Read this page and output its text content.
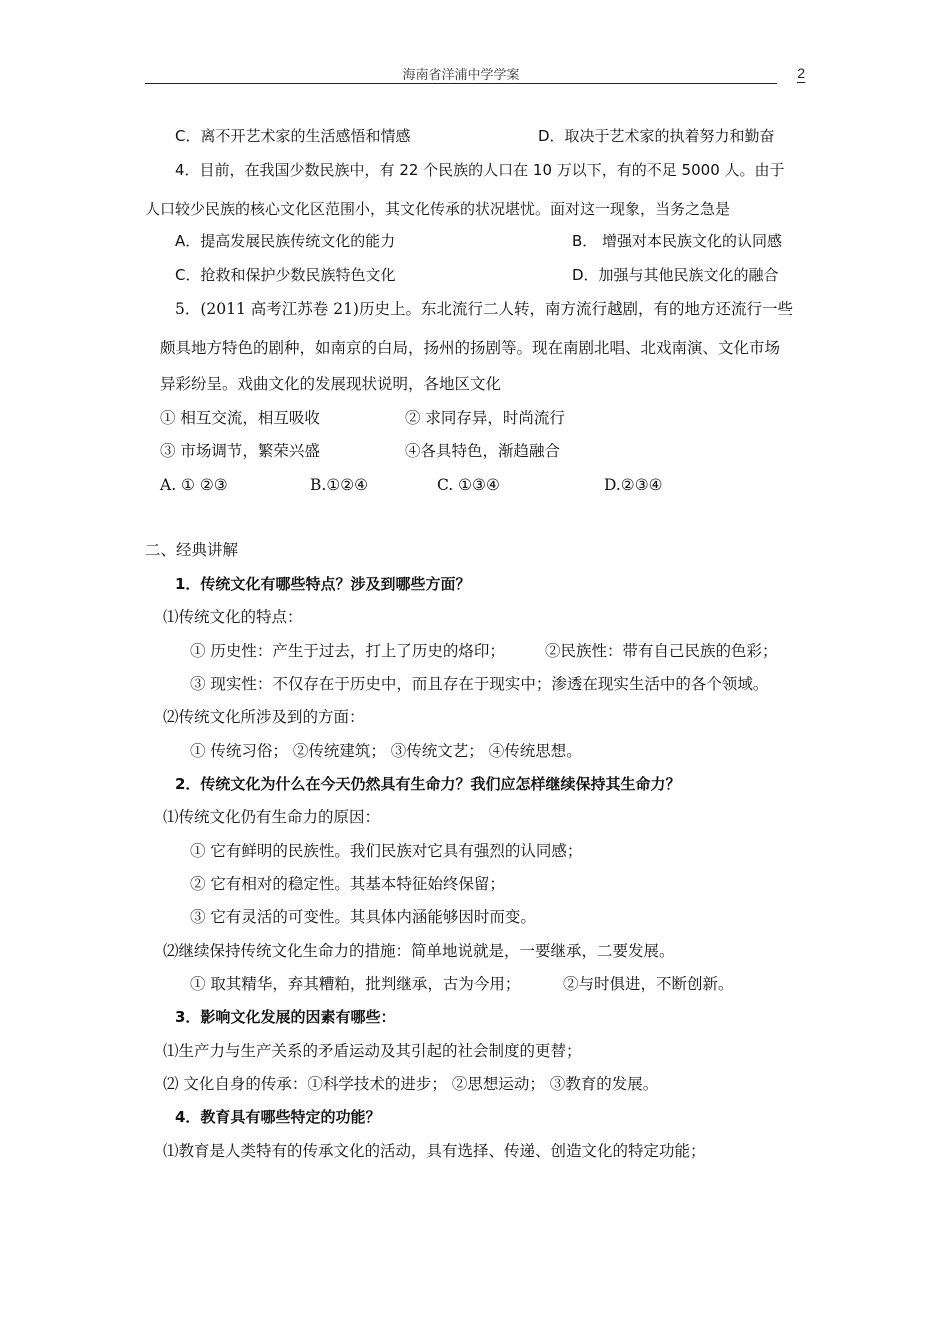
海南省洋浦中学学案	2
C．离不开艺术家的生活感悟和情感	D．取决于艺术家的执着努力和勤奋
4．目前，在我国少数民族中，有 22 个民族的人口在 10 万以下，有的不足 5000 人。由于
人口较少民族的核心文化区范围小，其文化传承的状况堪忧。面对这一现象，当务之急是
A．提高发展民族传统文化的能力	B． 增强对本民族文化的认同感
C．抢救和保护少数民族特色文化	D．加强与其他民族文化的融合
5．(2011 高考江苏卷 21)历史上。东北流行二人转，南方流行越剧，有的地方还流行一些
颇具地方特色的剧种，如南京的白局，扬州的扬剧等。现在南剧北唱、北戏南演、文化市场
异彩纷呈。戏曲文化的发展现状说明，各地区文化
① 相互交流，相互吸收	② 求同存异，时尚流行
③ 市场调节，繁荣兴盛	④各具特色，渐趋融合
A. ① ②③	B.①②④	C. ①③④	D.②③④
二、经典讲解
1．传统文化有哪些特点？涉及到哪些方面？
⑴传统文化的特点：
① 历史性：产生于过去，打上了历史的烙印；	②民族性：带有自己民族的色彩；
③ 现实性：不仅存在于历史中，而且存在于现实中；渗透在现实生活中的各个领域。
⑵传统文化所涉及到的方面：
① 传统习俗； ②传统建筑； ③传统文艺； ④传统思想。
2．传统文化为什么在今天仍然具有生命力？我们应怎样继续保持其生命力？
⑴传统文化仍有生命力的原因：
① 它有鲜明的民族性。我们民族对它具有强烈的认同感；
② 它有相对的稳定性。其基本特征始终保留；
③ 它有灵活的可变性。其具体内涵能够因时而变。
⑵继续保持传统文化生命力的措施：简单地说就是，一要继承，二要发展。
① 取其精华，弃其糟粕，批判继承，古为今用；	②与时俱进，不断创新。
3．影响文化发展的因素有哪些：
⑴生产力与生产关系的矛盾运动及其引起的社会制度的更替；
⑵ 文化自身的传承：①科学技术的进步； ②思想运动； ③教育的发展。
4．教育具有哪些特定的功能？
⑴教育是人类特有的传承文化的活动，具有选择、传递、创造文化的特定功能；
